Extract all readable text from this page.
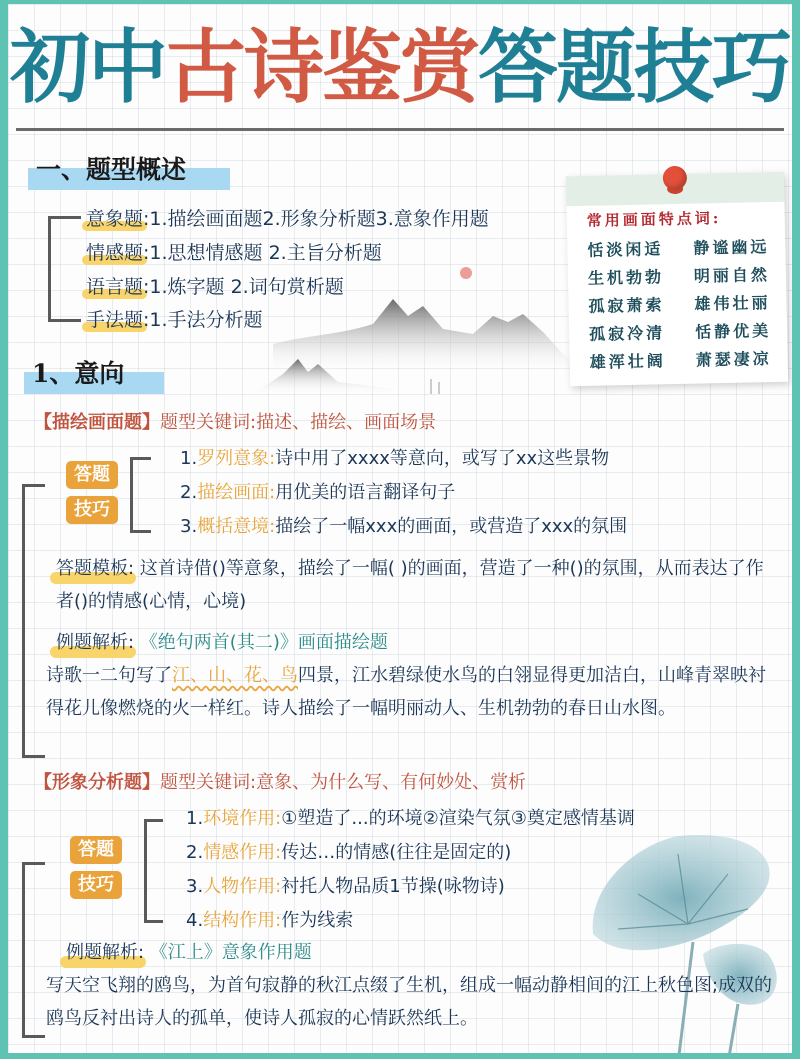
初中古诗鉴赏答题技巧
一、题型概述
意象题:1.描绘画面题2.形象分析题3.意象作用题
情感题:1.思想情感题 2.主旨分析题
语言题:1.炼字题 2.词句赏析题
手法题:1.手法分析题
常用画面特点词:
恬淡闲适 静谧幽远
生机勃勃 明丽自然
孤寂萧索 雄伟壮丽
孤寂冷清 恬静优美
雄浑壮阔 萧瑟凄凉
1、意向
【描绘画面题】题型关键词:描述、描绘、画面场景
答题
技巧
1.罗列意象:诗中用了xxxx等意向，或写了xx这些景物
2.描绘画面:用优美的语言翻译句子
3.概括意境:描绘了一幅xxx的画面，或营造了xxx的氛围
答题模板: 这首诗借()等意象，描绘了一幅( )的画面，营造了一种()的氛围，从而表达了作者()的情感(心情，心境)
例题解析: 《绝句两首(其二)》画面描绘题
诗歌一二句写了江、山、花、鸟四景，江水碧绿使水鸟的白翎显得更加洁白，山峰青翠映衬得花儿像燃烧的火一样红。诗人描绘了一幅明丽动人、生机勃勃的春日山水图。
【形象分析题】题型关键词:意象、为什么写、有何妙处、赏析
答题
技巧
1.环境作用:①塑造了...的环境②渲染气氛③奠定感情基调
2.情感作用:传达…的情感(往往是固定的)
3.人物作用:衬托人物品质1节操(咏物诗)
4.结构作用:作为线索
例题解析: 《江上》意象作用题
写天空飞翔的鸥鸟，为首句寂静的秋江点缀了生机，组成一幅动静相间的江上秋色图;成双的鸥鸟反衬出诗人的孤单，使诗人孤寂的心情跃然纸上。
